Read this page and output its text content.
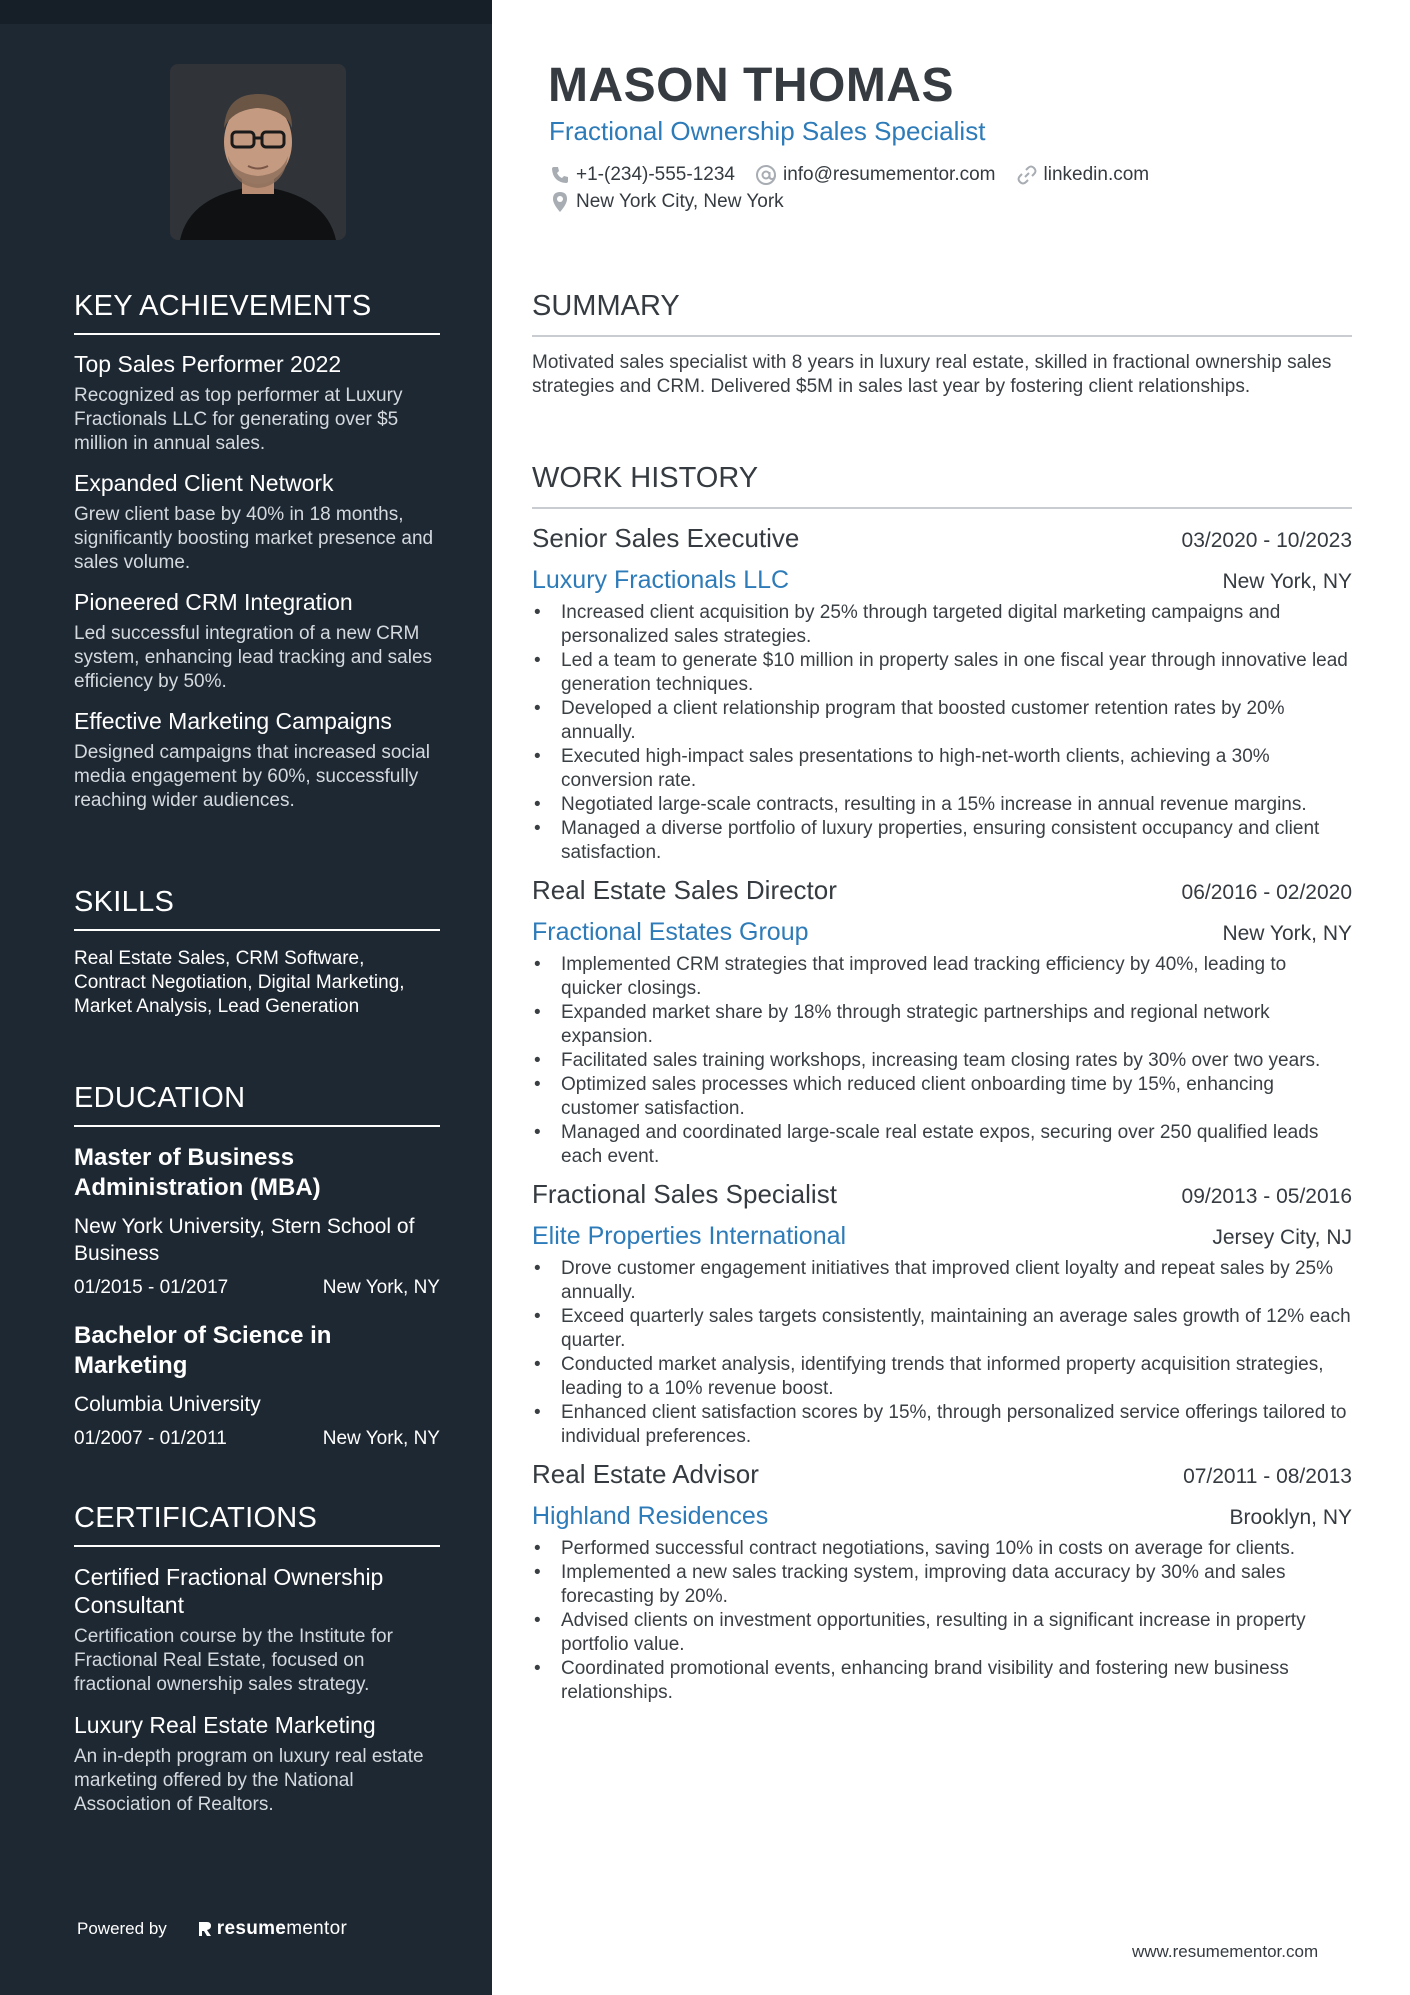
KEY ACHIEVEMENTS
Top Sales Performer 2022
Recognized as top performer at Luxury Fractionals LLC for generating over $5 million in annual sales.
Expanded Client Network
Grew client base by 40% in 18 months, significantly boosting market presence and sales volume.
Pioneered CRM Integration
Led successful integration of a new CRM system, enhancing lead tracking and sales efficiency by 50%.
Effective Marketing Campaigns
Designed campaigns that increased social media engagement by 60%, successfully reaching wider audiences.
SKILLS
Real Estate Sales, CRM Software, Contract Negotiation, Digital Marketing, Market Analysis, Lead Generation
EDUCATION
Master of Business Administration (MBA)
New York University, Stern School of Business
01/2015 - 01/2017	New York, NY
Bachelor of Science in Marketing
Columbia University
01/2007 - 01/2011	New York, NY
CERTIFICATIONS
Certified Fractional Ownership Consultant
Certification course by the Institute for Fractional Real Estate, focused on fractional ownership sales strategy.
Luxury Real Estate Marketing
An in-depth program on luxury real estate marketing offered by the National Association of Realtors.
Powered by	resume mentor
MASON THOMAS
Fractional Ownership Sales Specialist
+1-(234)-555-1234	info@resumementor.com	linkedin.com
New York City, New York
SUMMARY
Motivated sales specialist with 8 years in luxury real estate, skilled in fractional ownership sales strategies and CRM. Delivered $5M in sales last year by fostering client relationships.
WORK HISTORY
Senior Sales Executive	03/2020 - 10/2023
Luxury Fractionals LLC	New York, NY
• Increased client acquisition by 25% through targeted digital marketing campaigns and personalized sales strategies.
• Led a team to generate $10 million in property sales in one fiscal year through innovative lead generation techniques.
• Developed a client relationship program that boosted customer retention rates by 20% annually.
• Executed high-impact sales presentations to high-net-worth clients, achieving a 30% conversion rate.
• Negotiated large-scale contracts, resulting in a 15% increase in annual revenue margins.
• Managed a diverse portfolio of luxury properties, ensuring consistent occupancy and client satisfaction.
Real Estate Sales Director	06/2016 - 02/2020
Fractional Estates Group	New York, NY
• Implemented CRM strategies that improved lead tracking efficiency by 40%, leading to quicker closings.
• Expanded market share by 18% through strategic partnerships and regional network expansion.
• Facilitated sales training workshops, increasing team closing rates by 30% over two years.
• Optimized sales processes which reduced client onboarding time by 15%, enhancing customer satisfaction.
• Managed and coordinated large-scale real estate expos, securing over 250 qualified leads each event.
Fractional Sales Specialist	09/2013 - 05/2016
Elite Properties International	Jersey City, NJ
• Drove customer engagement initiatives that improved client loyalty and repeat sales by 25% annually.
• Exceed quarterly sales targets consistently, maintaining an average sales growth of 12% each quarter.
• Conducted market analysis, identifying trends that informed property acquisition strategies, leading to a 10% revenue boost.
• Enhanced client satisfaction scores by 15%, through personalized service offerings tailored to individual preferences.
Real Estate Advisor	07/2011 - 08/2013
Highland Residences	Brooklyn, NY
• Performed successful contract negotiations, saving 10% in costs on average for clients.
• Implemented a new sales tracking system, improving data accuracy by 30% and sales forecasting by 20%.
• Advised clients on investment opportunities, resulting in a significant increase in property portfolio value.
• Coordinated promotional events, enhancing brand visibility and fostering new business relationships.
www.resumementor.com
